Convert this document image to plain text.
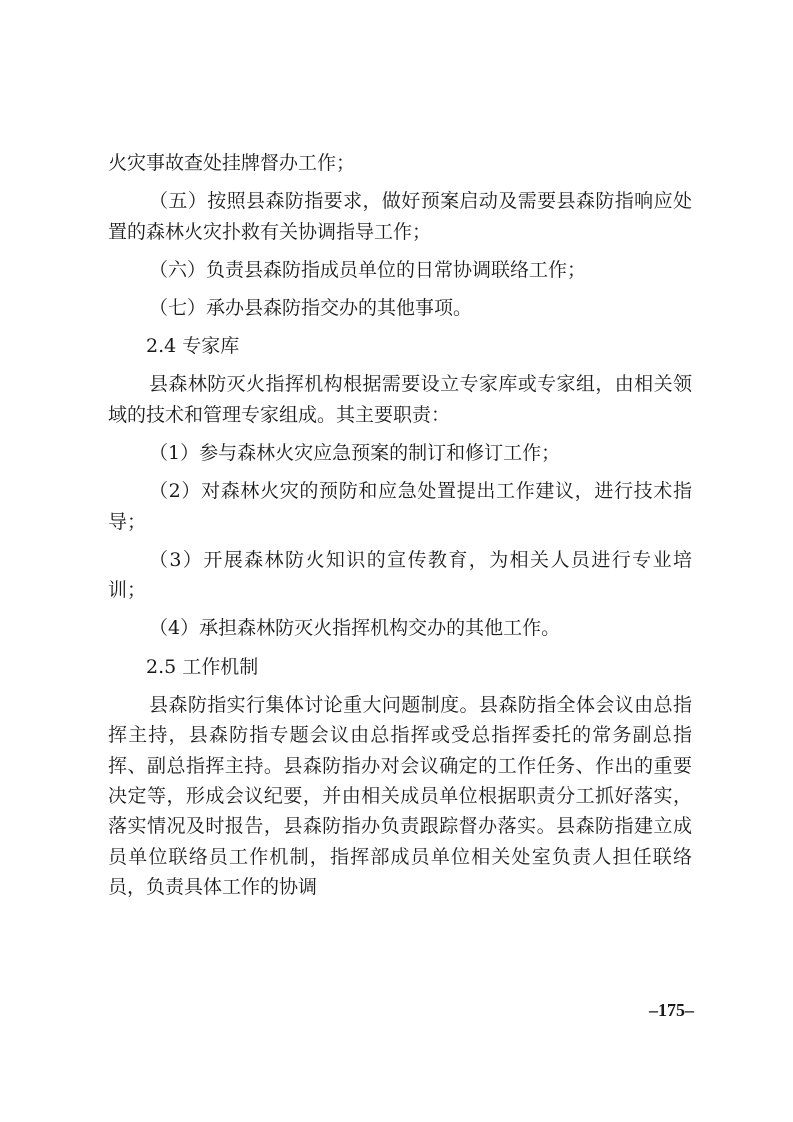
火灾事故查处挂牌督办工作；

（五）按照县森防指要求，做好预案启动及需要县森防指响应处置的森林火灾扑救有关协调指导工作；

（六）负责县森防指成员单位的日常协调联络工作；

（七）承办县森防指交办的其他事项。

2.4 专家库

县森林防灭火指挥机构根据需要设立专家库或专家组，由相关领域的技术和管理专家组成。其主要职责：

（1）参与森林火灾应急预案的制订和修订工作；

（2）对森林火灾的预防和应急处置提出工作建议，进行技术指导；

（3）开展森林防火知识的宣传教育，为相关人员进行专业培训；

（4）承担森林防灭火指挥机构交办的其他工作。

2.5 工作机制

县森防指实行集体讨论重大问题制度。县森防指全体会议由总指挥主持，县森防指专题会议由总指挥或受总指挥委托的常务副总指挥、副总指挥主持。县森防指办对会议确定的工作任务、作出的重要决定等，形成会议纪要，并由相关成员单位根据职责分工抓好落实，落实情况及时报告，县森防指办负责跟踪督办落实。县森防指建立成员单位联络员工作机制，指挥部成员单位相关处室负责人担任联络员，负责具体工作的协调

–175–
